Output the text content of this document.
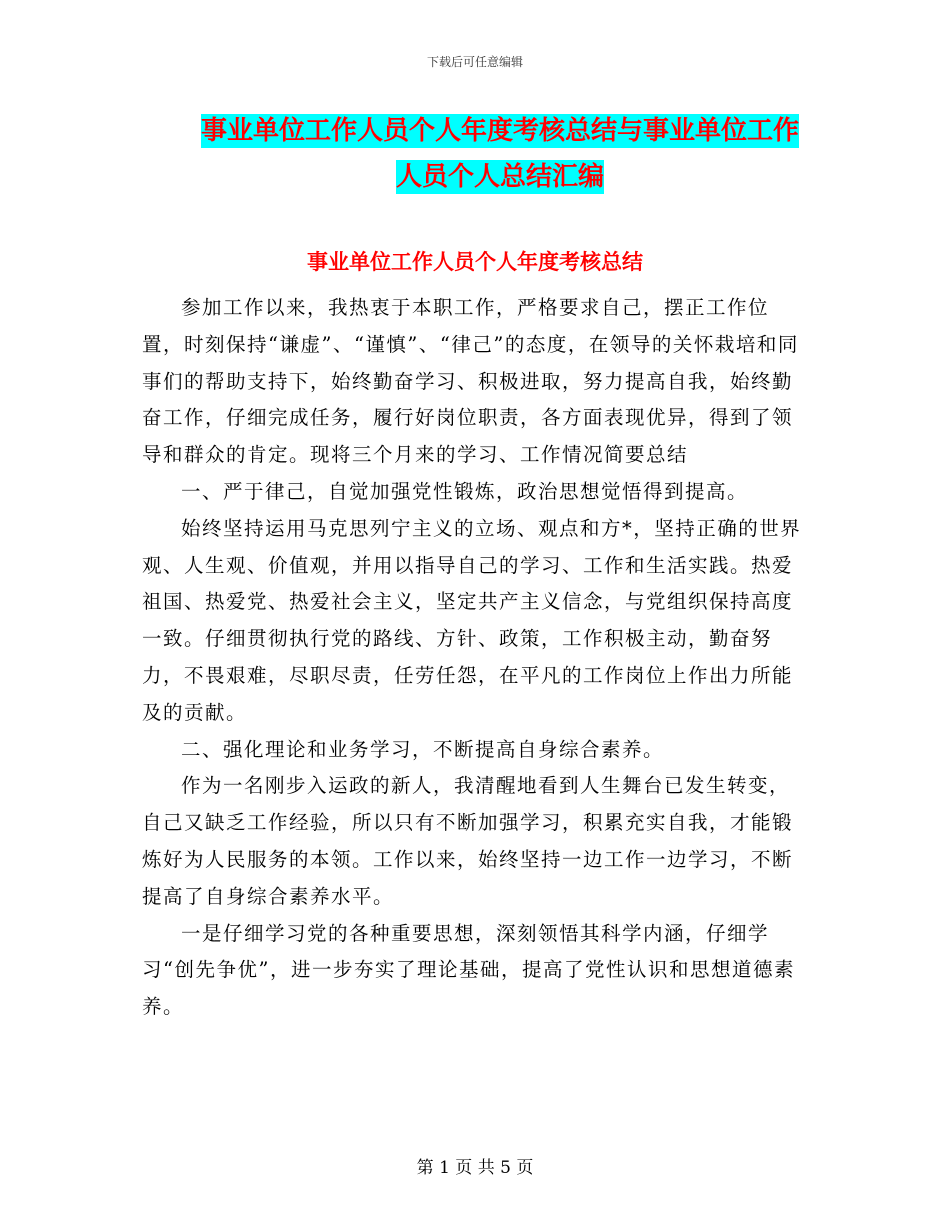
下载后可任意编辑
事业单位工作人员个人年度考核总结与事业单位工作
人员个人总结汇编
事业单位工作人员个人年度考核总结

参加工作以来，我热衷于本职工作，严格要求自己，摆正工作位置，时刻保持“谦虚”、“谨慎”、“律己”的态度，在领导的关怀栽培和同事们的帮助支持下，始终勤奋学习、积极进取，努力提高自我，始终勤奋工作，仔细完成任务，履行好岗位职责，各方面表现优异，得到了领导和群众的肯定。现将三个月来的学习、工作情况简要总结

一、严于律己，自觉加强党性锻炼，政治思想觉悟得到提高。

始终坚持运用马克思列宁主义的立场、观点和方*，坚持正确的世界观、人生观、价值观，并用以指导自己的学习、工作和生活实践。热爱祖国、热爱党、热爱社会主义，坚定共产主义信念，与党组织保持高度一致。仔细贯彻执行党的路线、方针、政策，工作积极主动，勤奋努力，不畏艰难，尽职尽责，任劳任怨，在平凡的工作岗位上作出力所能及的贡献。

二、强化理论和业务学习，不断提高自身综合素养。

作为一名刚步入运政的新人，我清醒地看到人生舞台已发生转变，自己又缺乏工作经验，所以只有不断加强学习，积累充实自我，才能锻炼好为人民服务的本领。工作以来，始终坚持一边工作一边学习，不断提高了自身综合素养水平。

一是仔细学习党的各种重要思想，深刻领悟其科学内涵，仔细学习“创先争优”，进一步夯实了理论基础，提高了党性认识和思想道德素养。

第 1 页 共 5 页
